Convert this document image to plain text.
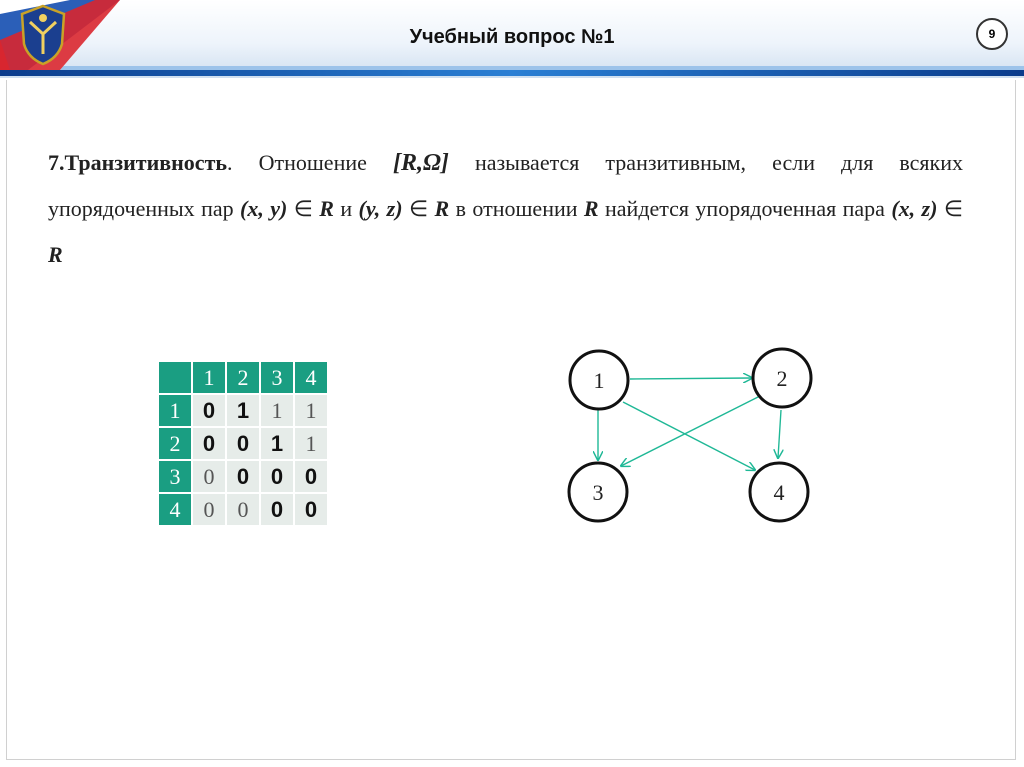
Учебный вопрос №1	9
7.Транзитивность. Отношение [R,Ω] называется транзитивным, если для всяких упорядоченных пар (x, y) ∈ R и (y, z) ∈ R в отношении R найдется упорядоченная пара (x, z) ∈ R
	1	2	3	4
1	0	1	1	1
2	0	0	1	1
3	0	0	0	0
4	0	0	0	0
1	2
3	4
